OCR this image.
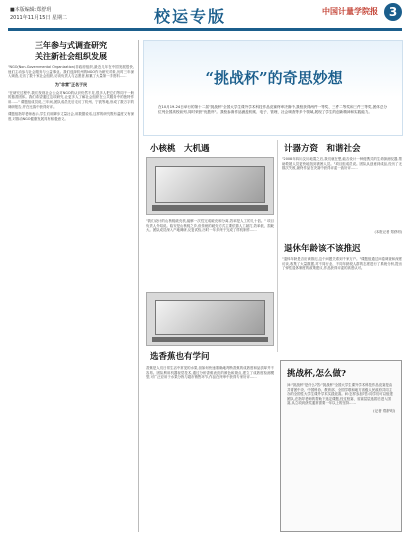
■本版编辑:郑舒玥
2011年11月15日 星期二	校运专版	中国计量学院报 3
三年参与式调查研究
关注新社会组织发展
"NGO(Non-Governmental Organization)非政府组织,最近几年在中国发展很快,他们主动参与社会服务与公益事业。我们选择杭州的NGO作为研究对象,历时三年深入调查,走访了数十家社会组织,访谈负责人与志愿者,积累了大量第一手资料……
为"非营"正名于民
"在研究过程中,我们发现社会公众对NGO的认识仍然不足,很多人把它们等同于一般的慈善团体。我们希望通过这项研究,让更多人了解社会组织在公共服务中的独特作用……" 课题组成员说,三年间,团队成员先后走访了杭州、宁波等地,形成了数万字的调研报告,并在比赛中获得好评。
课题组指导老师表示,学生们用脚步丈量社会,用数据说话,这样的研究既有温度又有深度,对推动NGO健康发展具有积极意义。
“挑战杯”的奇思妙想
在10月19-24日举行的第十二届"挑战杯"全国大学生课外学术科技作品竞赛终审决赛中,我校获得两件一等奖、三件二等奖和三件三等奖,团体总分位列全国高校前列,同时荣获"优胜杯"。我校参赛作品涵盖机械、电子、管理、社会调查等多个领域,展现了学生的创新精神和实践能力。
小核桃　大机遇
"我们设计的山核桃破壳机,能够一次性完成破壳和分离,效率是人工的几十倍。" 项目负责人介绍说。临安是山核桃之乡,但传统的破壳方式主要依靠人工敲打,效率低、损耗大。团队成员深入产地调研,反复试验,历时一年多终于完成了样机制作……
计器方资　和谐社会
"2008年四川汶川地震之后,我们就在想,能否设计一种便携式的生命探测仪器,帮助救援人员更快地找到被困人员。"项目组成员说。团队从创意到成品,经历了无数次失败,最终作品在决赛中获得评委一致好评……
(本报记者 郑舒玥)
退休年龄该不该推迟
"退休年龄是否应该推迟,这个问题关系到千家万户。"课题组通过问卷调查和深度访谈,收集了大量数据,对不同行业、不同年龄段人群的态度进行了系统分析,提出了弹性退休制度的政策建议,作品获得评委的高度认可。
选香蕉也有学问
香蕉是人们日常生活中常见的水果,但如何快速准确地判断香蕉的成熟度和品质却并不容易。团队利用机器视觉技术,通过分析香蕉表皮的颜色和斑点,建立了成熟度检测模型,可广泛应用于水果分拣与超市销售环节,作品在终审中获得专家好评……	挑战杯,怎么做?
问:"挑战杯"是什么?答:"挑战杯"全国大学生课外学术科技作品竞赛是由共青团中央、中国科协、教育部、全国学联和地方省级人民政府共同主办的全国性大学生课外学术实践竞赛。问:怎样参加?答:同学们可以组建团队,在指导老师的帮助下选定课题,经过校赛、省赛层层选拔后进入国赛,从立项到获奖通常需要一年以上的坚持……
(记者 郑舒玥)
